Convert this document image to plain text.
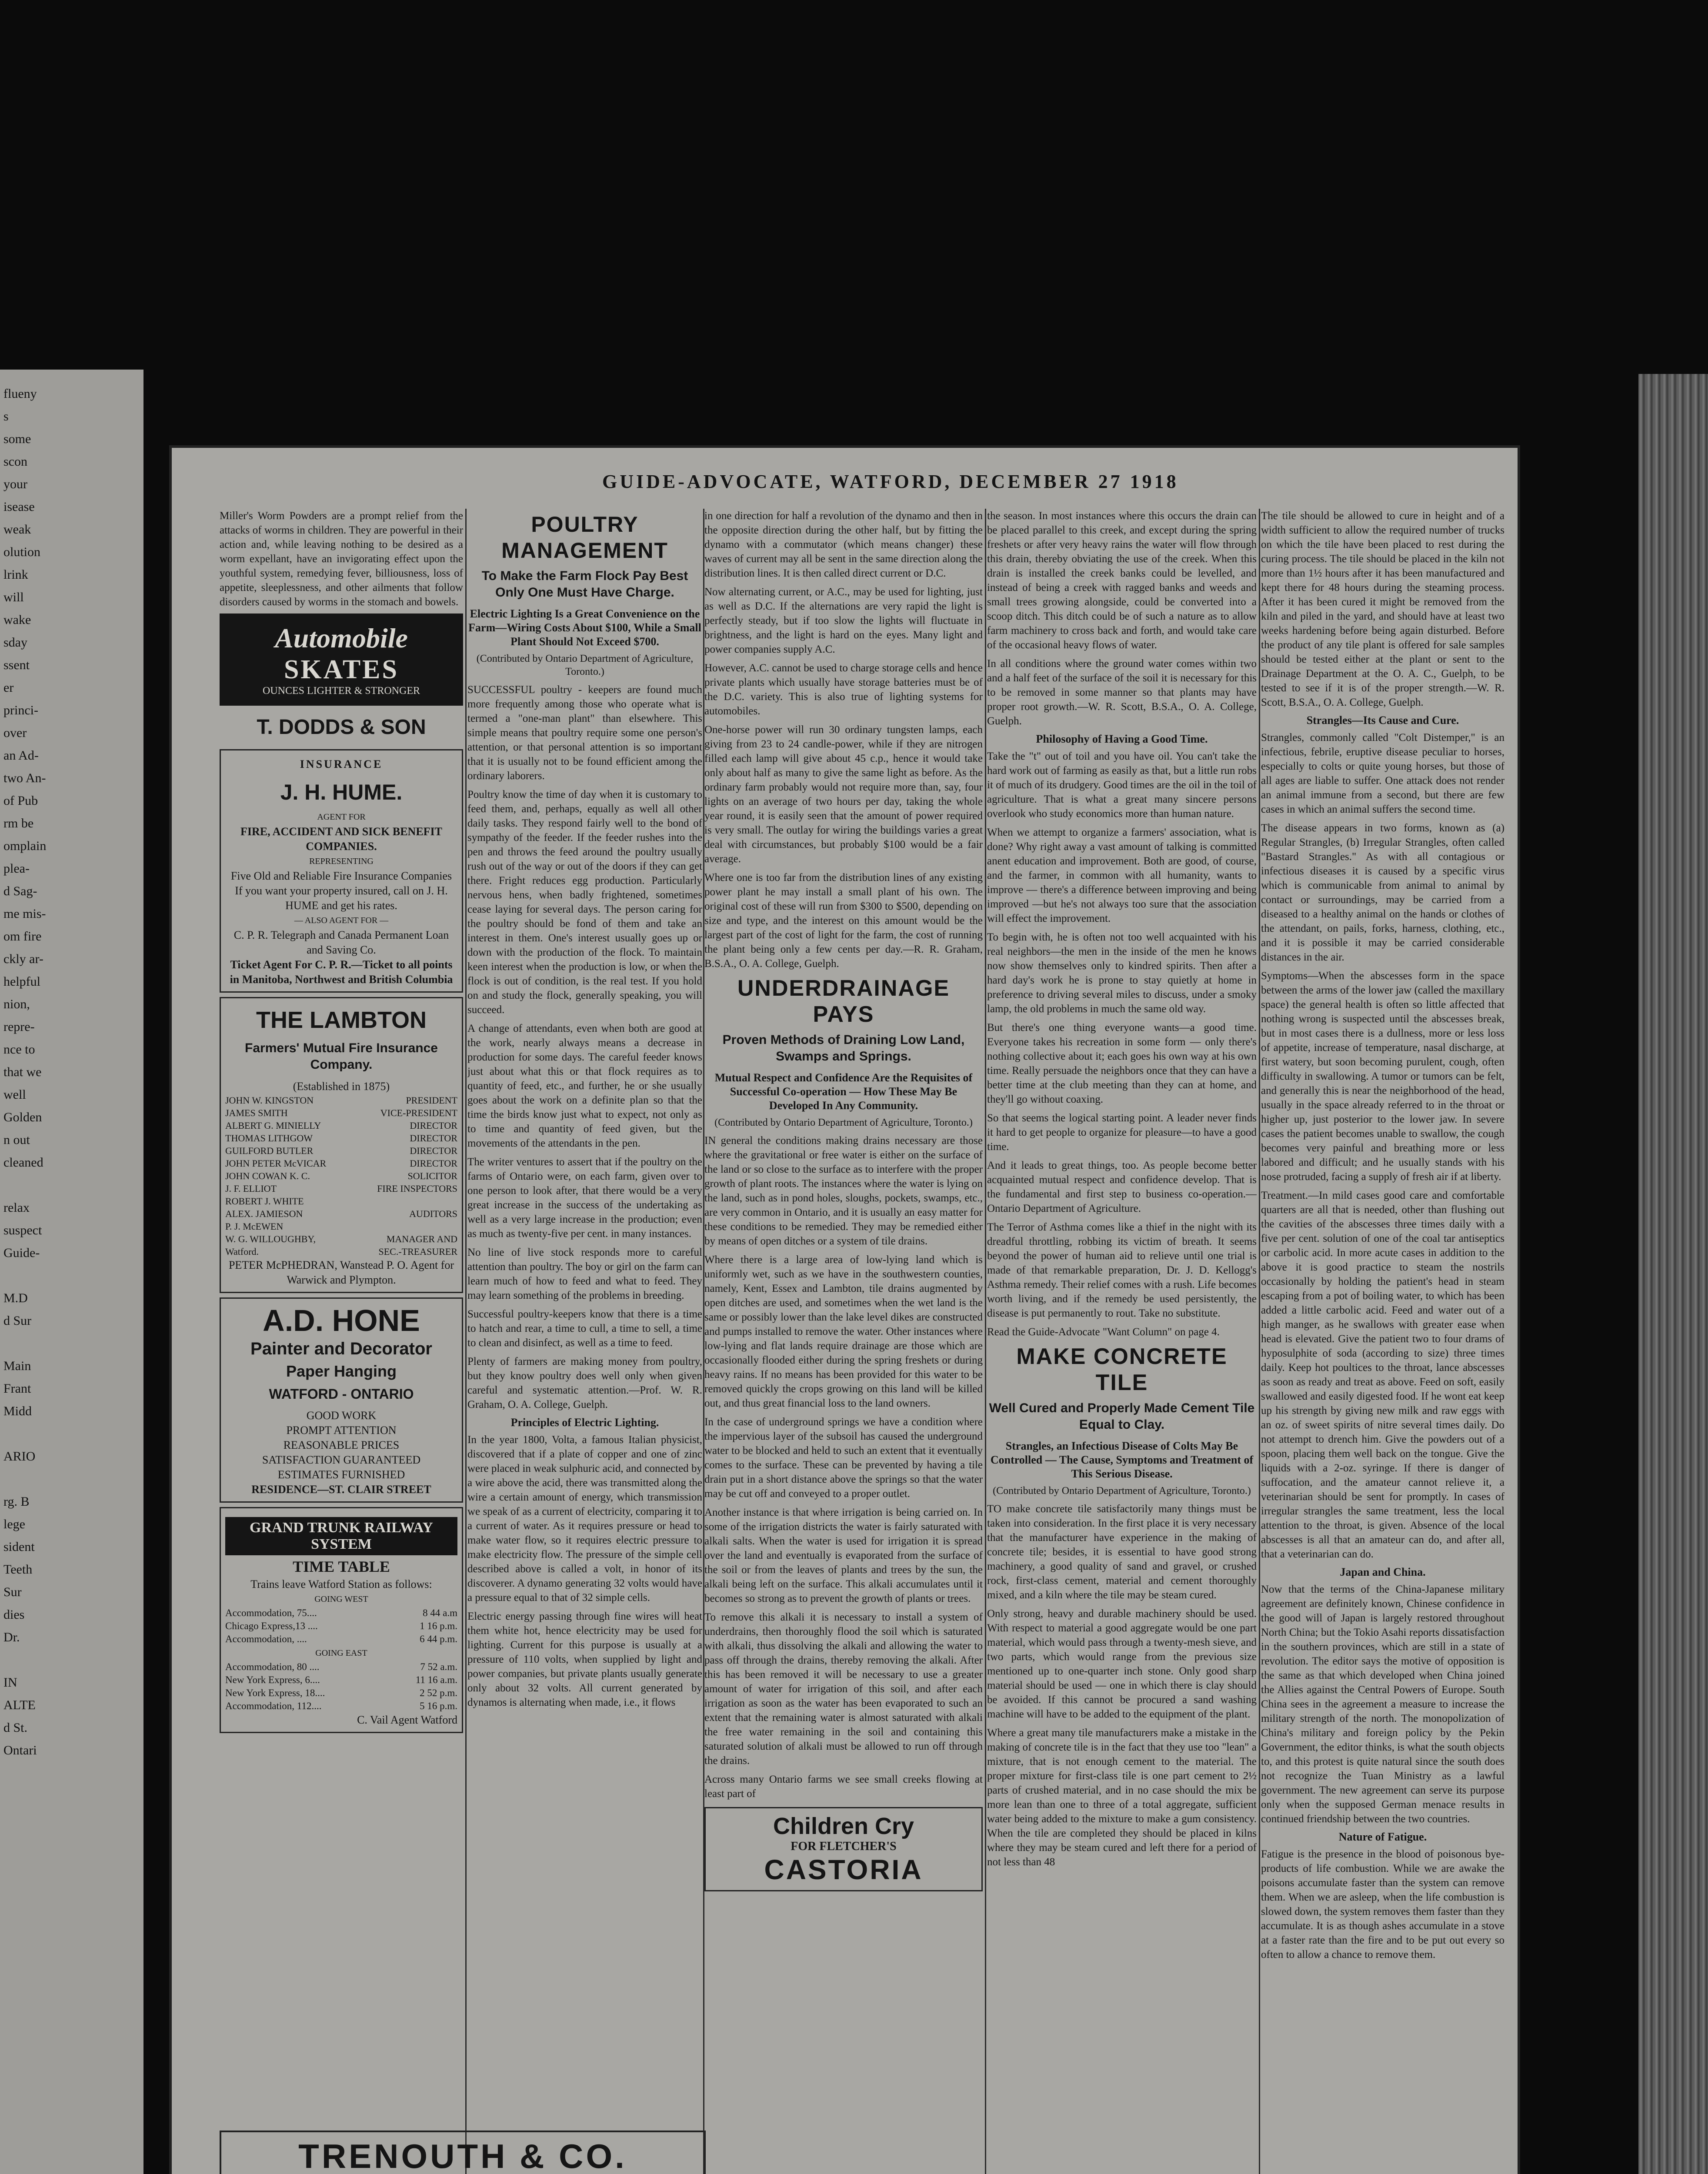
flueny
s
some
scon
your
isease
weak
olution
lrink
will
wake
sday
ssent
er
princi-
over
an Ad-
two An-
of Pub
rm be
omplain
plea-
d Sag-
me mis-
om fire
ckly ar-
helpful
nion,
repre-
nce to
that we
well
Golden
n out
cleaned

relax
suspect
Guide-

M.D
d Sur

Main
Frant
Midd

ARIO

rg. B
lege
sident
Teeth
Sur
dies
Dr.

IN
ALTE
d St.
Ontari
GUIDE-ADVOCATE, WATFORD, DECEMBER 27 1918

Miller's Worm Powders are a prompt relief from the attacks of worms in children. They are powerful in their action and, while leaving nothing to be desired as a worm expellant, have an invigorating effect upon the youthful system, remedying fever, billiousness, loss of appetite, sleeplessness, and other ailments that follow disorders caused by worms in the stomach and bowels.

Automobile
SKATES
OUNCES LIGHTER & STRONGER
T. DODDS & SON
INSURANCE
J. H. HUME.
AGENT FOR
FIRE, ACCIDENT AND SICK BENEFIT COMPANIES.
REPRESENTING
Five Old and Reliable Fire Insurance Companies
If you want your property insured, call on J. H. HUME and get his rates.
— ALSO AGENT FOR —
C. P. R. Telegraph and Canada Permanent Loan and Saving Co.
Ticket Agent For C. P. R.—Ticket to all points in Manitoba, Northwest and British Columbia
THE LAMBTON
Farmers' Mutual Fire Insurance Company.
(Established in 1875)
JOHN W. KINGSTON	PRESIDENT
JAMES SMITH	VICE-PRESIDENT
ALBERT G. MINIELLY	DIRECTOR
THOMAS LITHGOW	DIRECTOR
GUILFORD BUTLER	DIRECTOR
JOHN PETER McVICAR	DIRECTOR
JOHN COWAN K. C.	SOLICITOR
J. F. ELLIOT	FIRE INSPECTORS
ROBERT J. WHITE
ALEX. JAMIESON	AUDITORS
P. J. McEWEN
W. G. WILLOUGHBY,	MANAGER AND
Watford.	SEC.-TREASURER
PETER McPHEDRAN, Wanstead P. O. Agent for Warwick and Plympton.
A.D. HONE
Painter and Decorator
Paper Hanging
WATFORD - ONTARIO
GOOD WORK
PROMPT ATTENTION
REASONABLE PRICES
SATISFACTION GUARANTEED
ESTIMATES FURNISHED
RESIDENCE—ST. CLAIR STREET
GRAND TRUNK RAILWAY SYSTEM
TIME TABLE
Trains leave Watford Station as follows:
GOING WEST
Accommodation, 75....	8 44 a.m
Chicago Express,13 ....	1 16 p.m.
Accommodation, ....	6 44 p.m.
GOING EAST
Accommodation, 80 ....	7 52 a.m.
New York Express, 6....	11 16 a.m.
New York Express, 18....	2 52 p.m.
Accommodation, 112....	5 16 p.m.
C. Vail Agent Watford
POULTRY MANAGEMENT
To Make the Farm Flock Pay Best Only One Must Have Charge.
Electric Lighting Is a Great Convenience on the Farm—Wiring Costs About $100, While a Small Plant Should Not Exceed $700.
(Contributed by Ontario Department of Agriculture, Toronto.)

SUCCESSFUL poultry - keepers are found much more frequently among those who operate what is termed a "one-man plant" than elsewhere. This simple means that poultry require some one person's attention, or that personal attention is so important that it is usually not to be found efficient among the ordinary laborers.

Poultry know the time of day when it is customary to feed them, and, perhaps, equally as well all other daily tasks. They respond fairly well to the bond of sympathy of the feeder. If the feeder rushes into the pen and throws the feed around the poultry usually rush out of the way or out of the doors if they can get there. Fright reduces egg production. Particularly nervous hens, when badly frightened, sometimes cease laying for several days. The person caring for the poultry should be fond of them and take an interest in them. One's interest usually goes up or down with the production of the flock. To maintain keen interest when the production is low, or when the flock is out of condition, is the real test. If you hold on and study the flock, generally speaking, you will succeed.

A change of attendants, even when both are good at the work, nearly always means a decrease in production for some days. The careful feeder knows just about what this or that flock requires as to quantity of feed, etc., and further, he or she usually goes about the work on a definite plan so that the time the birds know just what to expect, not only as to time and quantity of feed given, but the movements of the attendants in the pen.

The writer ventures to assert that if the poultry on the farms of Ontario were, on each farm, given over to one person to look after, that there would be a very great increase in the success of the undertaking as well as a very large increase in the production; even as much as twenty-five per cent. in many instances.

No line of live stock responds more to careful attention than poultry. The boy or girl on the farm can learn much of how to feed and what to feed. They may learn something of the problems in breeding.

Successful poultry-keepers know that there is a time to hatch and rear, a time to cull, a time to sell, a time to clean and disinfect, as well as a time to feed.

Plenty of farmers are making money from poultry, but they know poultry does well only when given careful and systematic attention.—Prof. W. R. Graham, O. A. College, Guelph.

Principles of Electric Lighting.

In the year 1800, Volta, a famous Italian physicist, discovered that if a plate of copper and one of zinc were placed in weak sulphuric acid, and connected by a wire above the acid, there was transmitted along the wire a certain amount of energy, which transmission we speak of as a current of electricity, comparing it to a current of water. As it requires pressure or head to make water flow, so it requires electric pressure to make electricity flow. The pressure of the simple cell described above is called a volt, in honor of its discoverer. A dynamo generating 32 volts would have a pressure equal to that of 32 simple cells.

Electric energy passing through fine wires will heat them white hot, hence electricity may be used for lighting. Current for this purpose is usually at a pressure of 110 volts, when supplied by light and power companies, but private plants usually generate only about 32 volts. All current generated by dynamos is alternating when made, i.e., it flows

in one direction for half a revolution of the dynamo and then in the opposite direction during the other half, but by fitting the dynamo with a commutator (which means changer) these waves of current may all be sent in the same direction along the distribution lines. It is then called direct current or D.C.

Now alternating current, or A.C., may be used for lighting, just as well as D.C. If the alternations are very rapid the light is perfectly steady, but if too slow the lights will fluctuate in brightness, and the light is hard on the eyes. Many light and power companies supply A.C.

However, A.C. cannot be used to charge storage cells and hence private plants which usually have storage batteries must be of the D.C. variety. This is also true of lighting systems for automobiles.

One-horse power will run 30 ordinary tungsten lamps, each giving from 23 to 24 candle-power, while if they are nitrogen filled each lamp will give about 45 c.p., hence it would take only about half as many to give the same light as before. As the ordinary farm probably would not require more than, say, four lights on an average of two hours per day, taking the whole year round, it is easily seen that the amount of power required is very small. The outlay for wiring the buildings varies a great deal with circumstances, but probably $100 would be a fair average.

Where one is too far from the distribution lines of any existing power plant he may install a small plant of his own. The original cost of these will run from $300 to $500, depending on size and type, and the interest on this amount would be the largest part of the cost of light for the farm, the cost of running the plant being only a few cents per day.—R. R. Graham, B.S.A., O. A. College, Guelph.

UNDERDRAINAGE PAYS
Proven Methods of Draining Low Land, Swamps and Springs.
Mutual Respect and Confidence Are the Requisites of Successful Co-operation — How These May Be Developed In Any Community.
(Contributed by Ontario Department of Agriculture, Toronto.)

IN general the conditions making drains necessary are those where the gravitational or free water is either on the surface of the land or so close to the surface as to interfere with the proper growth of plant roots. The instances where the water is lying on the land, such as in pond holes, sloughs, pockets, swamps, etc., are very common in Ontario, and it is usually an easy matter for these conditions to be remedied. They may be remedied either by means of open ditches or a system of tile drains.

Where there is a large area of low-lying land which is uniformly wet, such as we have in the southwestern counties, namely, Kent, Essex and Lambton, tile drains augmented by open ditches are used, and sometimes when the wet land is the same or possibly lower than the lake level dikes are constructed and pumps installed to remove the water. Other instances where low-lying and flat lands require drainage are those which are occasionally flooded either during the spring freshets or during heavy rains. If no means has been provided for this water to be removed quickly the crops growing on this land will be killed out, and thus great financial loss to the land owners.

In the case of underground springs we have a condition where the impervious layer of the subsoil has caused the underground water to be blocked and held to such an extent that it eventually comes to the surface. These can be prevented by having a tile drain put in a short distance above the springs so that the water may be cut off and conveyed to a proper outlet.

Another instance is that where irrigation is being carried on. In some of the irrigation districts the water is fairly saturated with alkali salts. When the water is used for irrigation it is spread over the land and eventually is evaporated from the surface of the soil or from the leaves of plants and trees by the sun, the alkali being left on the surface. This alkali accumulates until it becomes so strong as to prevent the growth of plants or trees.

To remove this alkali it is necessary to install a system of underdrains, then thoroughly flood the soil which is saturated with alkali, thus dissolving the alkali and allowing the water to pass off through the drains, thereby removing the alkali. After this has been removed it will be necessary to use a greater amount of water for irrigation of this soil, and after each irrigation as soon as the water has been evaporated to such an extent that the remaining water is almost saturated with alkali the free water remaining in the soil and containing this saturated solution of alkali must be allowed to run off through the drains.

Across many Ontario farms we see small creeks flowing at least part of

Children Cry
FOR FLETCHER'S
CASTORIA

the season. In most instances where this occurs the drain can be placed parallel to this creek, and except during the spring freshets or after very heavy rains the water will flow through this drain, thereby obviating the use of the creek. When this drain is installed the creek banks could be levelled, and instead of being a creek with ragged banks and weeds and small trees growing alongside, could be converted into a scoop ditch. This ditch could be of such a nature as to allow farm machinery to cross back and forth, and would take care of the occasional heavy flows of water.

In all conditions where the ground water comes within two and a half feet of the surface of the soil it is necessary for this to be removed in some manner so that plants may have proper root growth.—W. R. Scott, B.S.A., O. A. College, Guelph.

Philosophy of Having a Good Time.

Take the "t" out of toil and you have oil. You can't take the hard work out of farming as easily as that, but a little run robs it of much of its drudgery. Good times are the oil in the toil of agriculture. That is what a great many sincere persons overlook who study economics more than human nature.

When we attempt to organize a farmers' association, what is done? Why right away a vast amount of talking is committed anent education and improvement. Both are good, of course, and the farmer, in common with all humanity, wants to improve — there's a difference between improving and being improved —but he's not always too sure that the association will effect the improvement.

To begin with, he is often not too well acquainted with his real neighbors—the men in the inside of the men he knows now show themselves only to kindred spirits. Then after a hard day's work he is prone to stay quietly at home in preference to driving several miles to discuss, under a smoky lamp, the old problems in much the same old way.

But there's one thing everyone wants—a good time. Everyone takes his recreation in some form — only there's nothing collective about it; each goes his own way at his own time. Really persuade the neighbors once that they can have a better time at the club meeting than they can at home, and they'll go without coaxing.

So that seems the logical starting point. A leader never finds it hard to get people to organize for pleasure—to have a good time.

And it leads to great things, too. As people become better acquainted mutual respect and confidence develop. That is the fundamental and first step to business co-operation.—Ontario Department of Agriculture.

The Terror of Asthma comes like a thief in the night with its dreadful throttling, robbing its victim of breath. It seems beyond the power of human aid to relieve until one trial is made of that remarkable preparation, Dr. J. D. Kellogg's Asthma remedy. Their relief comes with a rush. Life becomes worth living, and if the remedy be used persistently, the disease is put permanently to rout. Take no substitute.

Read the Guide-Advocate "Want Column" on page 4.

MAKE CONCRETE TILE
Well Cured and Properly Made Cement Tile Equal to Clay.
Strangles, an Infectious Disease of Colts May Be Controlled — The Cause, Symptoms and Treatment of This Serious Disease.
(Contributed by Ontario Department of Agriculture, Toronto.)

TO make concrete tile satisfactorily many things must be taken into consideration. In the first place it is very necessary that the manufacturer have experience in the making of concrete tile; besides, it is essential to have good strong machinery, a good quality of sand and gravel, or crushed rock, first-class cement, material and cement thoroughly mixed, and a kiln where the tile may be steam cured.

Only strong, heavy and durable machinery should be used. With respect to material a good aggregate would be one part material, which would pass through a twenty-mesh sieve, and two parts, which would range from the previous size mentioned up to one-quarter inch stone. Only good sharp material should be used — one in which there is clay should be avoided. If this cannot be procured a sand washing machine will have to be added to the equipment of the plant.

Where a great many tile manufacturers make a mistake in the making of concrete tile is in the fact that they use too "lean" a mixture, that is not enough cement to the material. The proper mixture for first-class tile is one part cement to 2½ parts of crushed material, and in no case should the mix be more lean than one to three of a total aggregate, sufficient water being added to the mixture to make a gum consistency. When the tile are completed they should be placed in kilns where they may be steam cured and left there for a period of not less than 48

The tile should be allowed to cure in height and of a width sufficient to allow the required number of trucks on which the tile have been placed to rest during the curing process. The tile should be placed in the kiln not more than 1½ hours after it has been manufactured and kept there for 48 hours during the steaming process. After it has been cured it might be removed from the kiln and piled in the yard, and should have at least two weeks hardening before being again disturbed. Before the product of any tile plant is offered for sale samples should be tested either at the plant or sent to the Drainage Department at the O. A. C., Guelph, to be tested to see if it is of the proper strength.—W. R. Scott, B.S.A., O. A. College, Guelph.

Strangles—Its Cause and Cure.

Strangles, commonly called "Colt Distemper," is an infectious, febrile, eruptive disease peculiar to horses, especially to colts or quite young horses, but those of all ages are liable to suffer. One attack does not render an animal immune from a second, but there are few cases in which an animal suffers the second time.

The disease appears in two forms, known as (a) Regular Strangles, (b) Irregular Strangles, often called "Bastard Strangles." As with all contagious or infectious diseases it is caused by a specific virus which is communicable from animal to animal by contact or surroundings, may be carried from a diseased to a healthy animal on the hands or clothes of the attendant, on pails, forks, harness, clothing, etc., and it is possible it may be carried considerable distances in the air.

Symptoms—When the abscesses form in the space between the arms of the lower jaw (called the maxillary space) the general health is often so little affected that nothing wrong is suspected until the abscesses break, but in most cases there is a dullness, more or less loss of appetite, increase of temperature, nasal discharge, at first watery, but soon becoming purulent, cough, often difficulty in swallowing. A tumor or tumors can be felt, and generally this is near the neighborhood of the head, usually in the space already referred to in the throat or higher up, just posterior to the lower jaw. In severe cases the patient becomes unable to swallow, the cough becomes very painful and breathing more or less labored and difficult; and he usually stands with his nose protruded, facing a supply of fresh air if at liberty.

Treatment.—In mild cases good care and comfortable quarters are all that is needed, other than flushing out the cavities of the abscesses three times daily with a five per cent. solution of one of the coal tar antiseptics or carbolic acid. In more acute cases in addition to the above it is good practice to steam the nostrils occasionally by holding the patient's head in steam escaping from a pot of boiling water, to which has been added a little carbolic acid. Feed and water out of a high manger, as he swallows with greater ease when head is elevated. Give the patient two to four drams of hyposulphite of soda (according to size) three times daily. Keep hot poultices to the throat, lance abscesses as soon as ready and treat as above. Feed on soft, easily swallowed and easily digested food. If he wont eat keep up his strength by giving new milk and raw eggs with an oz. of sweet spirits of nitre several times daily. Do not attempt to drench him. Give the powders out of a spoon, placing them well back on the tongue. Give the liquids with a 2-oz. syringe. If there is danger of suffocation, and the amateur cannot relieve it, a veterinarian should be sent for promptly. In cases of irregular strangles the same treatment, less the local attention to the throat, is given. Absence of the local abscesses is all that an amateur can do, and after all, that a veterinarian can do.

Japan and China.

Now that the terms of the China-Japanese military agreement are definitely known, Chinese confidence in the good will of Japan is largely restored throughout North China; but the Tokio Asahi reports dissatisfaction in the southern provinces, which are still in a state of revolution. The editor says the motive of opposition is the same as that which developed when China joined the Allies against the Central Powers of Europe. South China sees in the agreement a measure to increase the military strength of the north. The monopolization of China's military and foreign policy by the Pekin Government, the editor thinks, is what the south objects to, and this protest is quite natural since the south does not recognize the Tuan Ministry as a lawful government. The new agreement can serve its purpose only when the supposed German menace results in continued friendship between the two countries.

Nature of Fatigue.

Fatigue is the presence in the blood of poisonous bye-products of life combustion. While we are awake the poisons accumulate faster than the system can remove them. When we are asleep, when the life combustion is slowed down, the system removes them faster than they accumulate. It is as though ashes accumulate in a stove at a faster rate than the fire and to be put out every so often to allow a chance to remove them.

TRENOUTH & CO.
